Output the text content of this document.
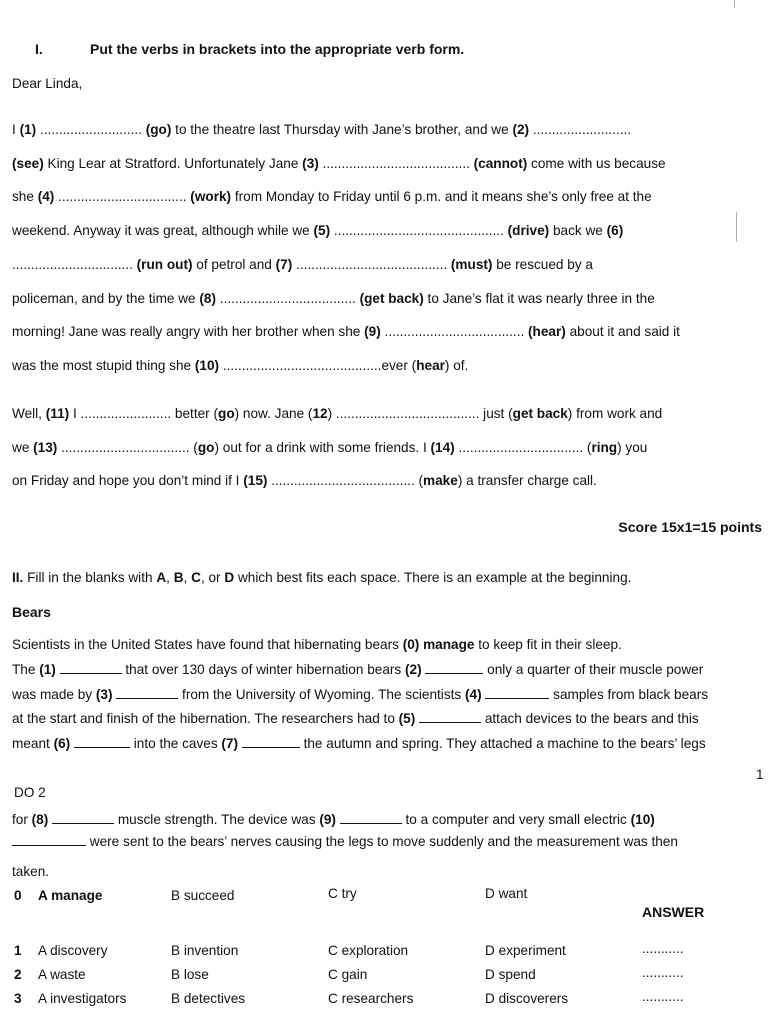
I.	Put the verbs in brackets into the appropriate verb form.
Dear Linda,
I (1) ........................... (go) to the theatre last Thursday with Jane’s brother, and we (2) ..........................
(see) King Lear at Stratford. Unfortunately Jane (3) ....................................... (cannot) come with us because
she (4) .................................. (work) from Monday to Friday until 6 p.m. and it means she’s only free at the
weekend. Anyway it was great, although while we (5) ............................................. (drive) back we (6)
................................ (run out) of petrol and (7) ........................................ (must) be rescued by a
policeman, and by the time we (8) .................................... (get back) to Jane’s flat it was nearly three in the
morning! Jane was really angry with her brother when she (9) ..................................... (hear) about it and said it
was the most stupid thing she (10) ..........................................ever (hear) of.
Well, (11) I ........................ better (go) now. Jane (12) ...................................... just (get back) from work and
we (13) .................................. (go) out for a drink with some friends. I (14) ................................. (ring) you
on Friday and hope you don’t mind if I (15) ...................................... (make) a transfer charge call.
Score 15x1=15 points
II. Fill in the blanks with A, B, C, or D which best fits each space. There is an example at the beginning.
Bears
Scientists in the United States have found that hibernating bears (0) manage to keep fit in their sleep.
The (1)	that over 130 days of winter hibernation bears (2)	only a quarter of their muscle power
was made by (3)	from the University of Wyoming. The scientists (4)	samples from black bears
at the start and finish of the hibernation. The researchers had to (5)	attach devices to the bears and this
meant (6)	into the caves (7)	the autumn and spring. They attached a machine to the bears’ legs
1
DO 2
for (8)	muscle strength. The device was (9)	to a computer and very small electric (10)
were sent to the bears’ nerves causing the legs to move suddenly and the measurement was then
taken.
ANSWER
0 A manage	B succeed	C try	D want
1 A discovery	B invention	C exploration	D experiment	...........
2 A waste	B lose	C gain	D spend	...........
3 A investigators	B detectives	C researchers	D discoverers	...........
